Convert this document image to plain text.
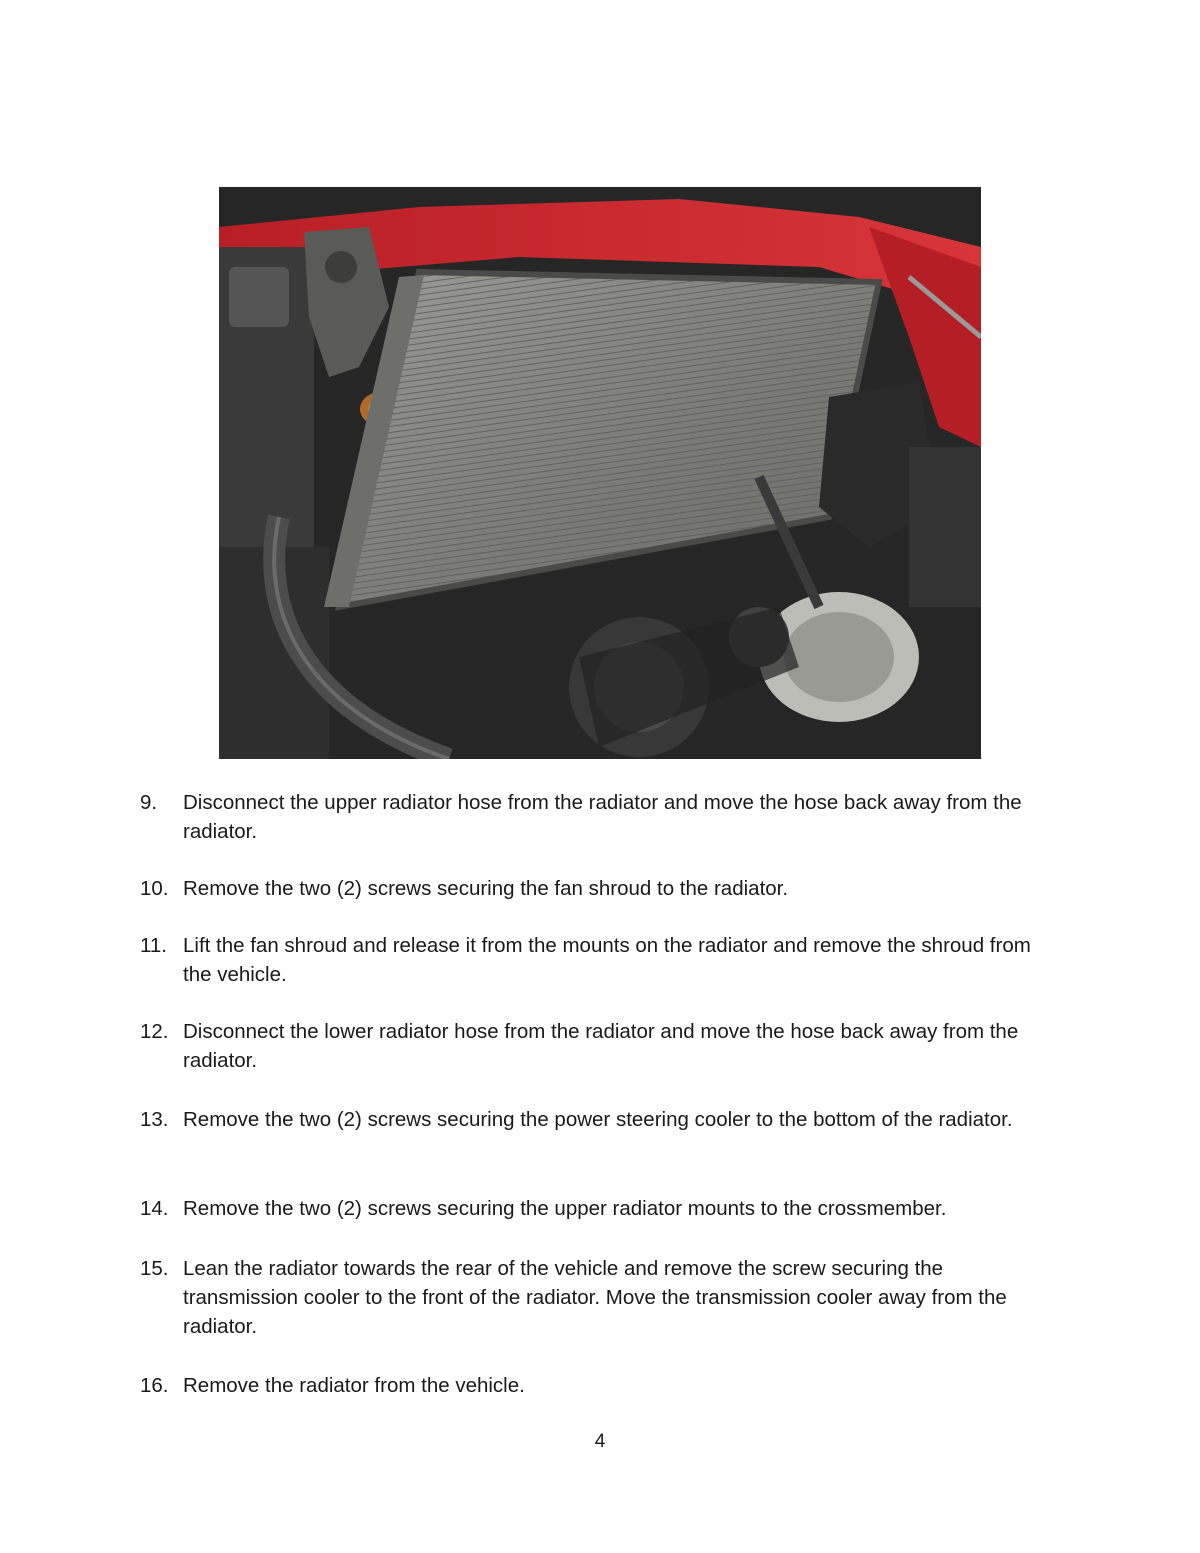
9.	Disconnect the upper radiator hose from the radiator and move the hose back away from the radiator.
10. Remove the two (2) screws securing the fan shroud to the radiator.
11. Lift the fan shroud and release it from the mounts on the radiator and remove the shroud from the vehicle.
12. Disconnect the lower radiator hose from the radiator and move the hose back away from the radiator.
13. Remove the two (2) screws securing the power steering cooler to the bottom of the radiator.
14. Remove the two (2) screws securing the upper radiator mounts to the crossmember.
15. Lean the radiator towards the rear of the vehicle and remove the screw securing the transmission cooler to the front of the radiator. Move the transmission cooler away from the radiator.
16. Remove the radiator from the vehicle.
4
